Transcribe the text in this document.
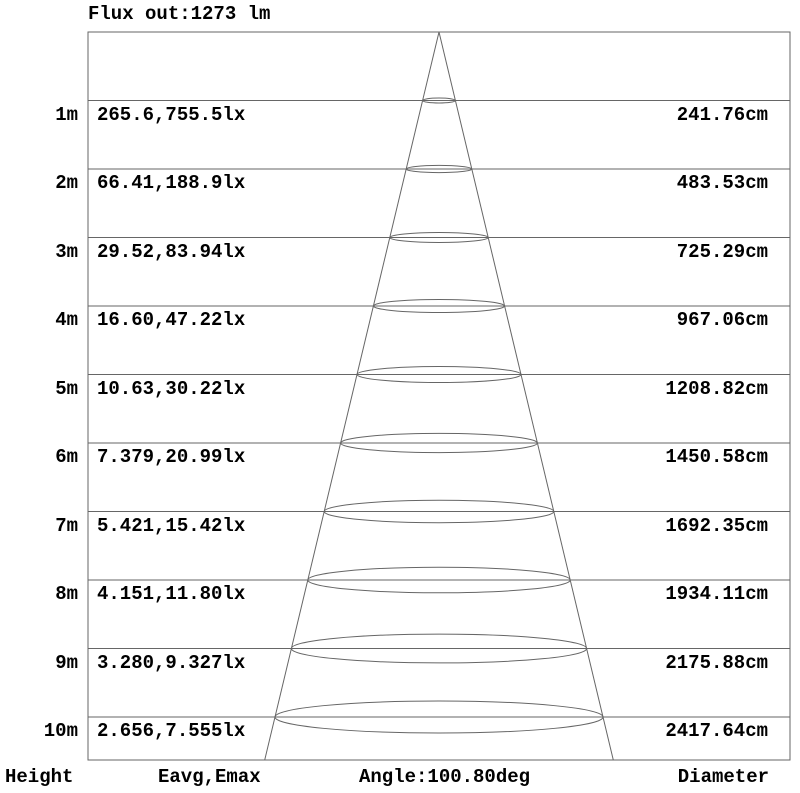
Flux out:1273 lm
1m 265.6,755.5lx	241.76cm
2m 66.41,188.9lx	483.53cm
3m 29.52,83.94lx	725.29cm
4m 16.60,47.22lx	967.06cm
5m 10.63,30.22lx	1208.82cm
6m 7.379,20.99lx	1450.58cm
7m 5.421,15.42lx	1692.35cm
8m 4.151,11.80lx	1934.11cm
9m 3.280,9.327lx	2175.88cm
10m 2.656,7.555lx	2417.64cm
Height	Eavg,Emax	Angle:100.80deg	Diameter
